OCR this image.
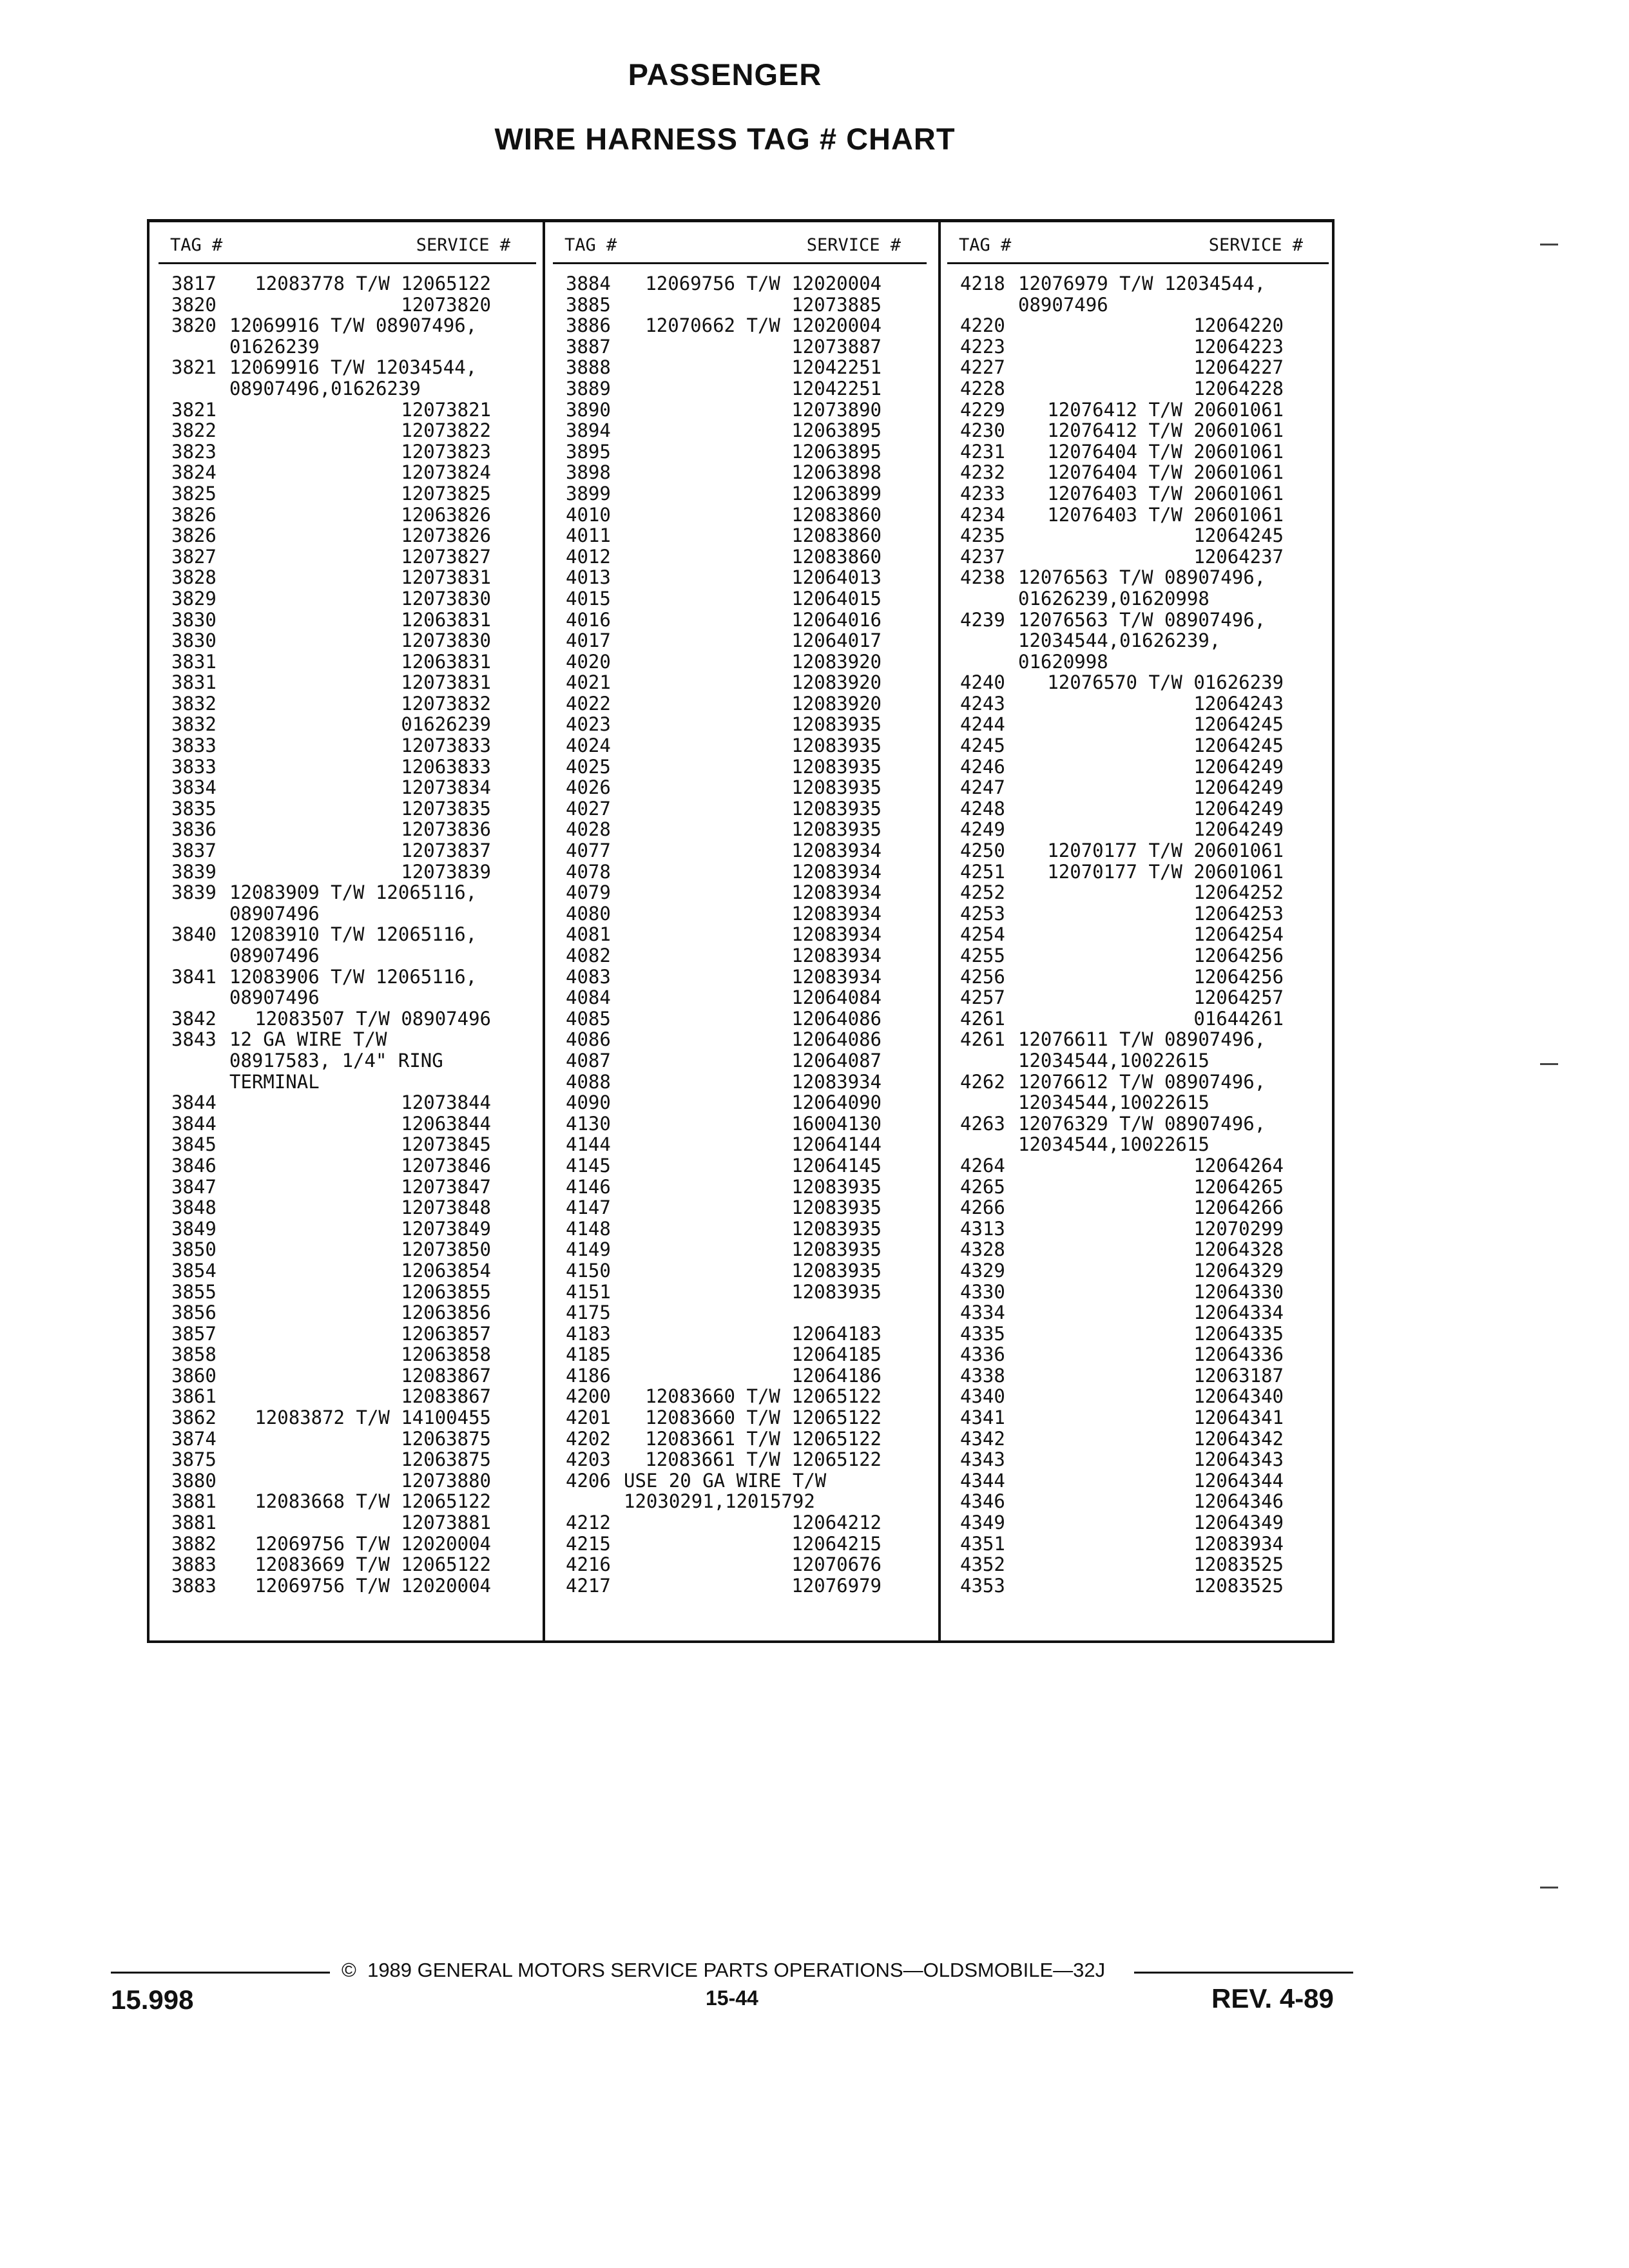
PASSENGER
WIRE HARNESS TAG # CHART
TAG #	SERVICE #
3817	12083778 T/W 12065122
3820	12073820
3820 12069916 T/W 08907496,
01626239
3821 12069916 T/W 12034544,
08907496,01626239
3821	12073821
3822	12073822
3823	12073823
3824	12073824
3825	12073825
3826	12063826
3826	12073826
3827	12073827
3828	12073831
3829	12073830
3830	12063831
3830	12073830
3831	12063831
3831	12073831
3832	12073832
3832	01626239
3833	12073833
3833	12063833
3834	12073834
3835	12073835
3836	12073836
3837	12073837
3839	12073839
3839 12083909 T/W 12065116,
08907496
3840 12083910 T/W 12065116,
08907496
3841 12083906 T/W 12065116,
08907496
3842	12083507 T/W 08907496
3843 12 GA WIRE T/W
08917583, 1/4" RING
TERMINAL
3844	12073844
3844	12063844
3845	12073845
3846	12073846
3847	12073847
3848	12073848
3849	12073849
3850	12073850
3854	12063854
3855	12063855
3856	12063856
3857	12063857
3858	12063858
3860	12083867
3861	12083867
3862	12083872 T/W 14100455
3874	12063875
3875	12063875
3880	12073880
3881	12083668 T/W 12065122
3881	12073881
3882	12069756 T/W 12020004
3883	12083669 T/W 12065122
3883	12069756 T/W 12020004
TAG #	SERVICE #
3884	12069756 T/W 12020004
3885	12073885
3886	12070662 T/W 12020004
3887	12073887
3888	12042251
3889	12042251
3890	12073890
3894	12063895
3895	12063895
3898	12063898
3899	12063899
4010	12083860
4011	12083860
4012	12083860
4013	12064013
4015	12064015
4016	12064016
4017	12064017
4020	12083920
4021	12083920
4022	12083920
4023	12083935
4024	12083935
4025	12083935
4026	12083935
4027	12083935
4028	12083935
4077	12083934
4078	12083934
4079	12083934
4080	12083934
4081	12083934
4082	12083934
4083	12083934
4084	12064084
4085	12064086
4086	12064086
4087	12064087
4088	12083934
4090	12064090
4130	16004130
4144	12064144
4145	12064145
4146	12083935
4147	12083935
4148	12083935
4149	12083935
4150	12083935
4151	12083935
4175
4183	12064183
4185	12064185
4186	12064186
4200	12083660 T/W 12065122
4201	12083660 T/W 12065122
4202	12083661 T/W 12065122
4203	12083661 T/W 12065122
4206 USE 20 GA WIRE T/W
12030291,12015792
4212	12064212
4215	12064215
4216	12070676
4217	12076979
TAG #	SERVICE #
4218 12076979 T/W 12034544,
08907496
4220	12064220
4223	12064223
4227	12064227
4228	12064228
4229	12076412 T/W 20601061
4230	12076412 T/W 20601061
4231	12076404 T/W 20601061
4232	12076404 T/W 20601061
4233	12076403 T/W 20601061
4234	12076403 T/W 20601061
4235	12064245
4237	12064237
4238 12076563 T/W 08907496,
01626239,01620998
4239 12076563 T/W 08907496,
12034544,01626239,
01620998
4240	12076570 T/W 01626239
4243	12064243
4244	12064245
4245	12064245
4246	12064249
4247	12064249
4248	12064249
4249	12064249
4250	12070177 T/W 20601061
4251	12070177 T/W 20601061
4252	12064252
4253	12064253
4254	12064254
4255	12064256
4256	12064256
4257	12064257
4261	01644261
4261 12076611 T/W 08907496,
12034544,10022615
4262 12076612 T/W 08907496,
12034544,10022615
4263 12076329 T/W 08907496,
12034544,10022615
4264	12064264
4265	12064265
4266	12064266
4313	12070299
4328	12064328
4329	12064329
4330	12064330
4334	12064334
4335	12064335
4336	12064336
4338	12063187
4340	12064340
4341	12064341
4342	12064342
4343	12064343
4344	12064344
4346	12064346
4349	12064349
4351	12083934
4352	12083525
4353	12083525
© 1989 GENERAL MOTORS SERVICE PARTS OPERATIONS—OLDSMOBILE—32J
15.998	15-44	REV. 4-89
